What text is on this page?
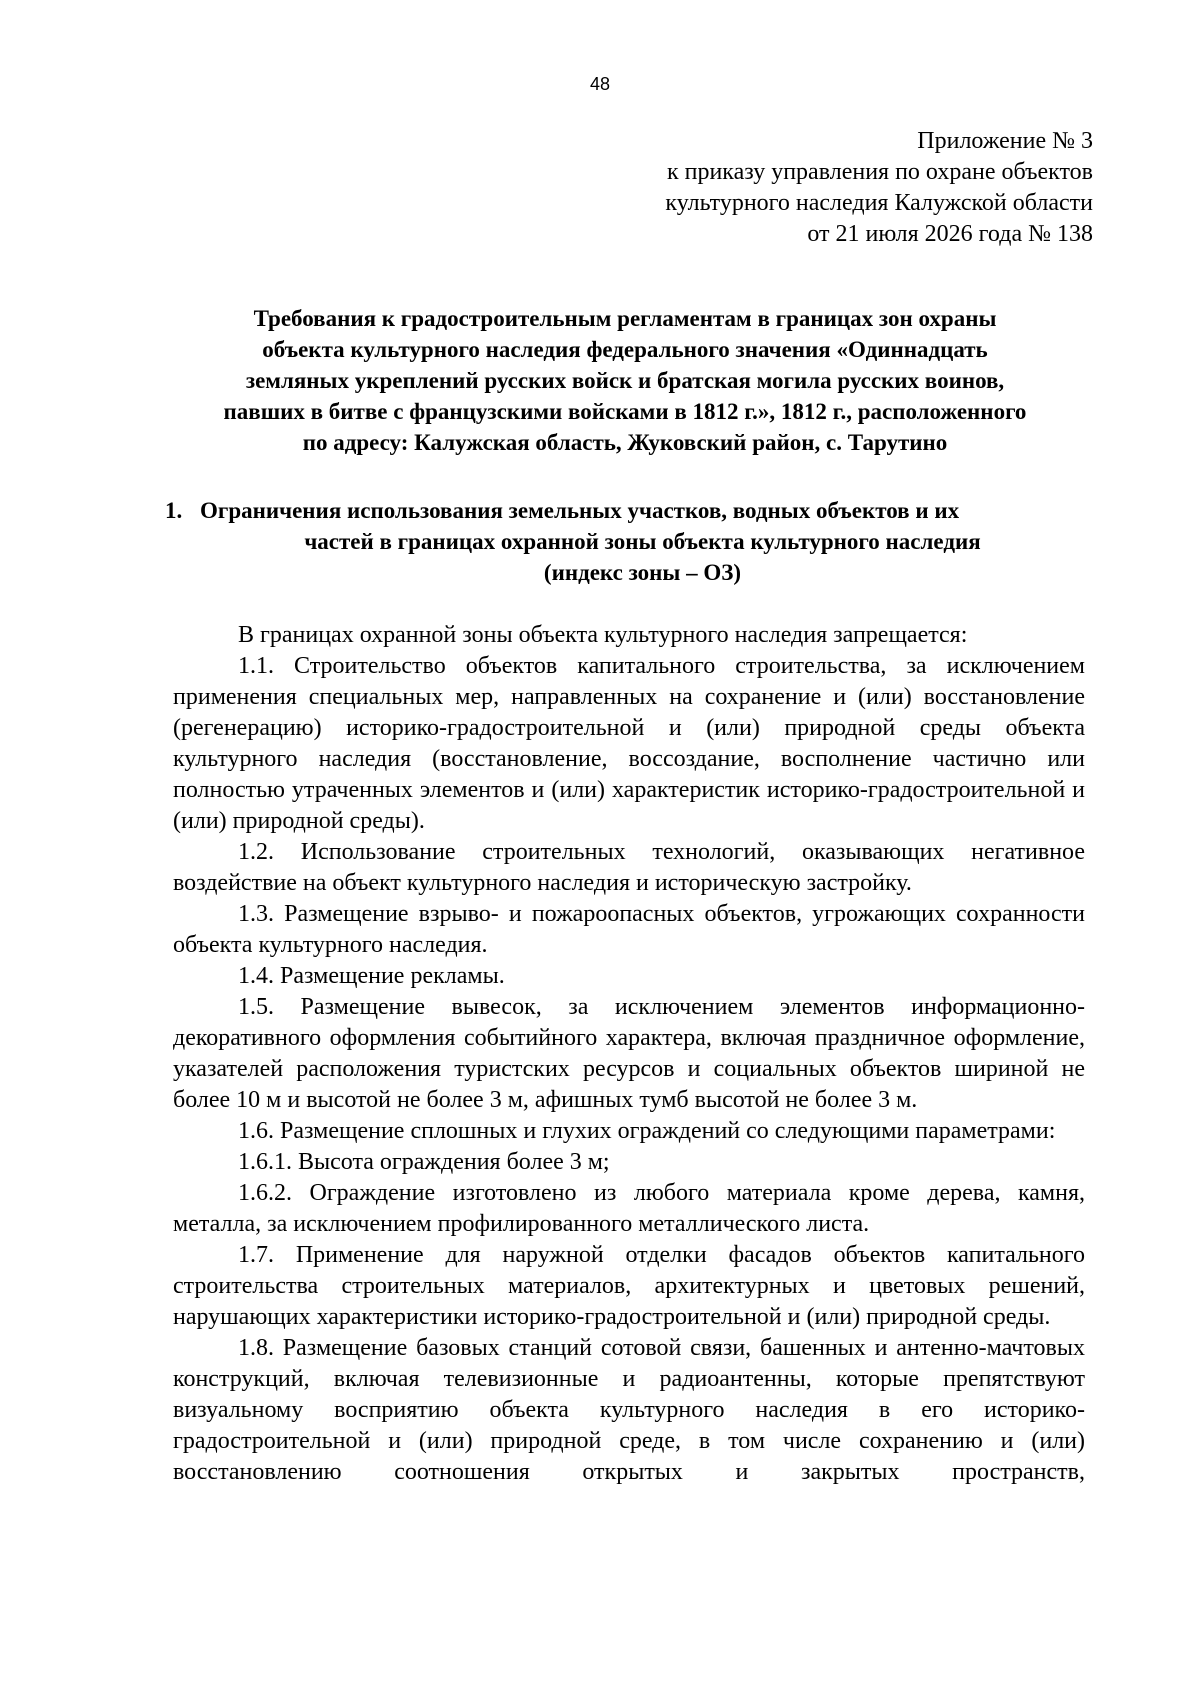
48
Приложение № 3
к приказу управления по охране объектов
культурного наследия Калужской области
от 21 июля 2026 года № 138
Требования к градостроительным регламентам в границах зон охраны
объекта культурного наследия федерального значения «Одиннадцать
земляных укреплений русских войск и братская могила русских воинов,
павших в битве с французскими войсками в 1812 г.», 1812 г., расположенного
по адресу: Калужская область, Жуковский район, с. Тарутино
1. Ограничения использования земельных участков, водных объектов и их
частей в границах охранной зоны объекта культурного наследия
(индекс зоны – ОЗ)

В границах охранной зоны объекта культурного наследия запрещается:

1.1. Строительство объектов капитального строительства, за исключением применения специальных мер, направленных на сохранение и (или) восстановление (регенерацию) историко-градостроительной и (или) природной среды объекта культурного наследия (восстановление, воссоздание, восполнение частично или полностью утраченных элементов и (или) характеристик историко-градостроительной и (или) природной среды).

1.2. Использование строительных технологий, оказывающих негативное воздействие на объект культурного наследия и историческую застройку.

1.3. Размещение взрыво- и пожароопасных объектов, угрожающих сохранности объекта культурного наследия.

1.4. Размещение рекламы.

1.5. Размещение вывесок, за исключением элементов информационно-декоративного оформления событийного характера, включая праздничное оформление, указателей расположения туристских ресурсов и социальных объектов шириной не более 10 м и высотой не более 3 м, афишных тумб высотой не более 3 м.

1.6. Размещение сплошных и глухих ограждений со следующими параметрами:

1.6.1. Высота ограждения более 3 м;

1.6.2. Ограждение изготовлено из любого материала кроме дерева, камня, металла, за исключением профилированного металлического листа.

1.7. Применение для наружной отделки фасадов объектов капитального строительства строительных материалов, архитектурных и цветовых решений, нарушающих характеристики историко-градостроительной и (или) природной среды.

1.8. Размещение базовых станций сотовой связи, башенных и антенно-мачтовых конструкций, включая телевизионные и радиоантенны, которые препятствуют визуальному восприятию объекта культурного наследия в его историко-градостроительной и (или) природной среде, в том числе сохранению и (или) восстановлению соотношения открытых и закрытых пространств,
